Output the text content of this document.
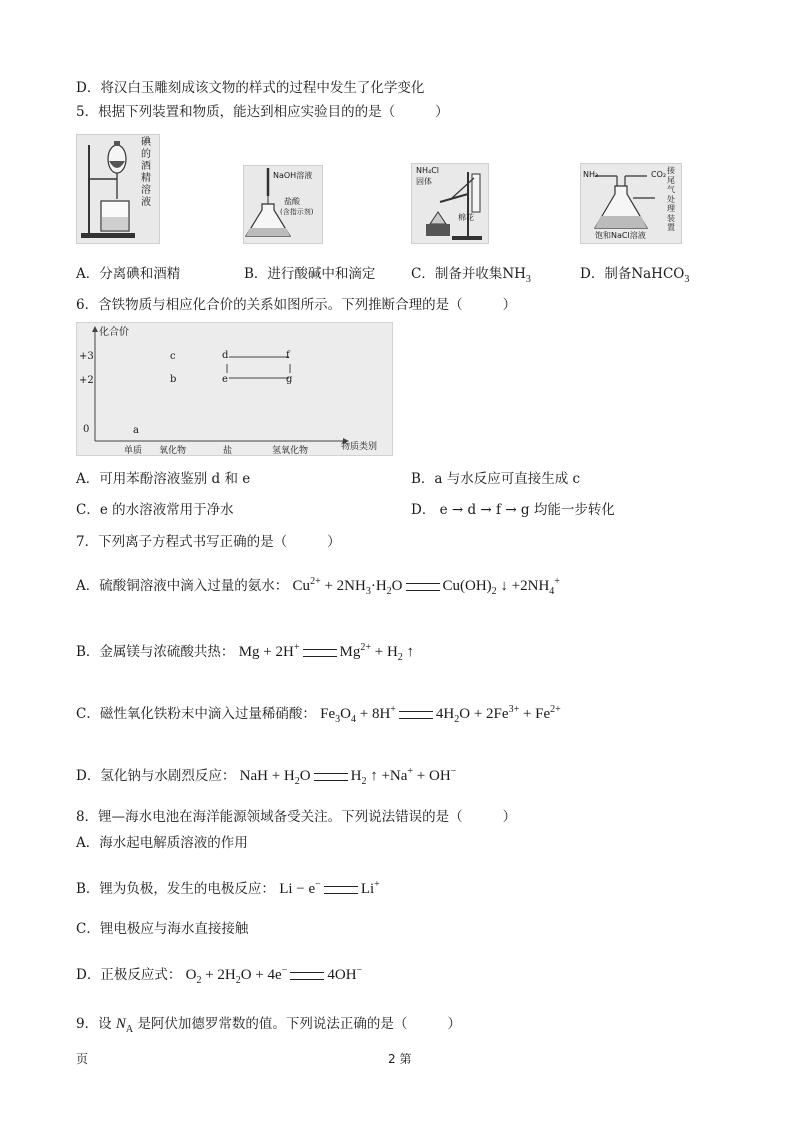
D．将汉白玉雕刻成该文物的样式的过程中发生了化学变化
5．根据下列装置和物质，能达到相应实验目的的是（	）
碘
的
酒
精
溶
液
NaOH溶液
盐酸
(含指示剂)
NH₄Cl
固体
棉花
NH₃	CO₂
饱和NaCl溶液
接
尾
气
处
理
装
置
A．分离碘和酒精	B．进行酸碱中和滴定	C．制备并收集$NH_3$	D．制备NaHCO$_3$
6．含铁物质与相应化合价的关系如图所示。下列推断合理的是（	）
化合价
+3
+2
0
单质 氧化物	盐	氢氧化物	物质类别
a
b
c	d
e
f
g
A．可用苯酚溶液鉴别 d 和 e	B．a 与水反应可直接生成 c
C．e 的水溶液常用于净水	D． e → d → f → g 均能一步转化
7．下列离子方程式书写正确的是（	）
A．硫酸铜溶液中滴入过量的氨水： $Cu^{2+} + 2NH_3\cdot H_2O$	$Cu(OH)_2$ ↓ $+2NH_4^+$
B．金属镁与浓硫酸共热： Mg + 2H+	$Mg^{2+} + H_2$ ↑
C．磁性氧化铁粉末中滴入过量稀硝酸： $Fe_3O_4 + 8H^+$	$4H_2O + 2Fe^{3+} + Fe^{2+}$
D．氢化钠与水剧烈反应： NaH + $H_2O$	$H_2$ ↑ +Na+ + OH−
8．锂—海水电池在海洋能源领域备受关注。下列说法错误的是（	）
A．海水起电解质溶液的作用
B．锂为负极，发生的电极反应： Li − e−	Li+
C．锂电极应与海水直接接触
D．正极反应式： $O_2 + 2H_2O + 4e^-$	4OH−
9．设 $N_A$ 是阿伏加德罗常数的值。下列说法正确的是（	）
页	2 第
